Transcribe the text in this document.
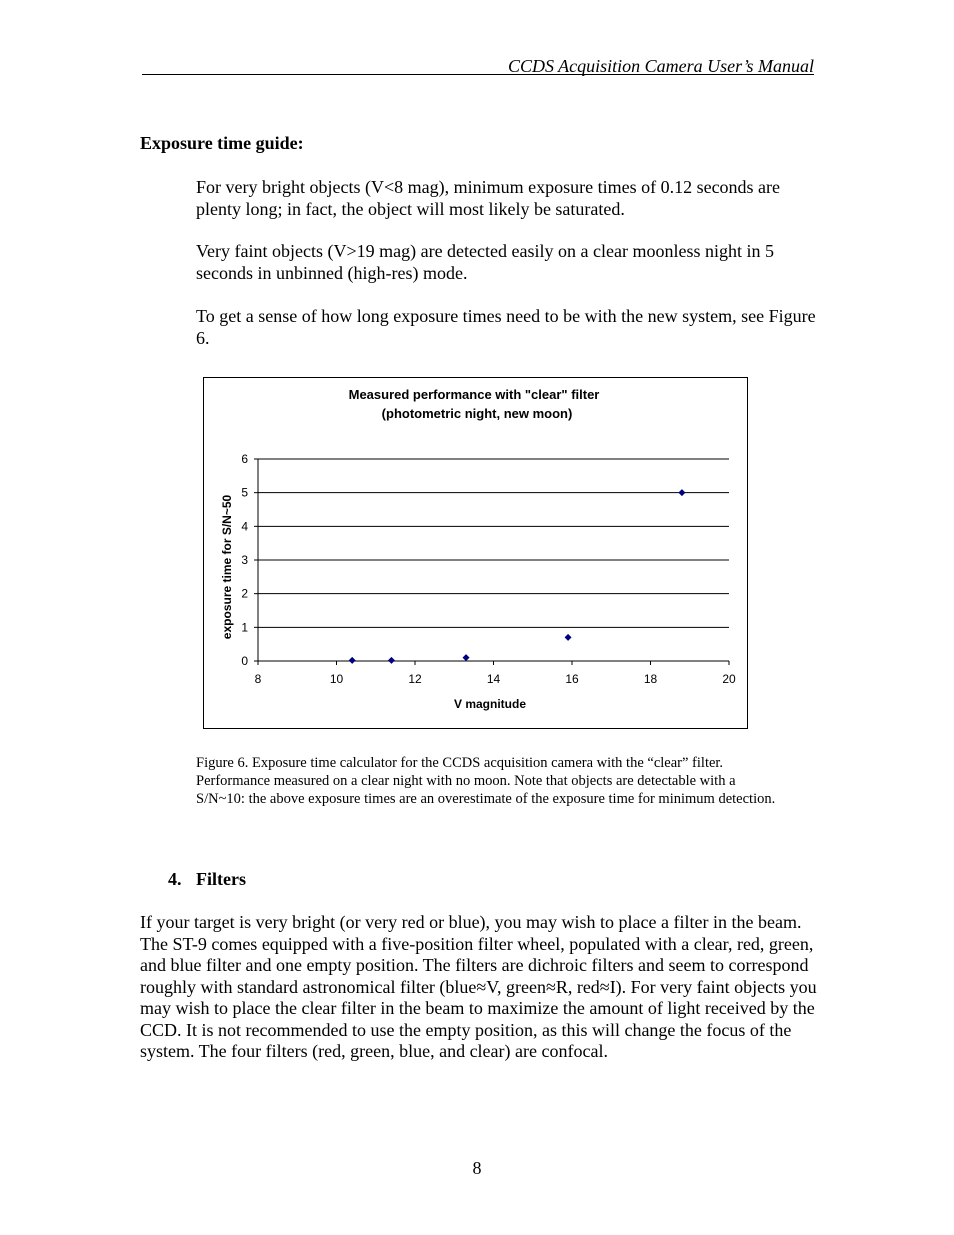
CCDS Acquisition Camera User’s Manual
Exposure time guide:
For very bright objects (V<8 mag), minimum exposure times of 0.12 seconds are plenty long; in fact, the object will most likely be saturated.
Very faint objects (V>19 mag) are detected easily on a clear moonless night in 5 seconds in unbinned (high-res) mode.
To get a sense of how long exposure times need to be with the new system, see Figure 6.
Measured performance with "clear" filter
(photometric night, new moon)
0
1
2
3
4
5
6
8	10	12	14	16	18	20
V magnitude
exposure time for S/N~50
Figure 6. Exposure time calculator for the CCDS acquisition camera with the “clear” filter. Performance measured on a clear night with no moon. Note that objects are detectable with a S/N~10: the above exposure times are an overestimate of the exposure time for minimum detection.
4. Filters
If your target is very bright (or very red or blue), you may wish to place a filter in the beam. The ST-9 comes equipped with a five-position filter wheel, populated with a clear, red, green, and blue filter and one empty position. The filters are dichroic filters and seem to correspond roughly with standard astronomical filter (blue≈V, green≈R, red≈I). For very faint objects you may wish to place the clear filter in the beam to maximize the amount of light received by the CCD. It is not recommended to use the empty position, as this will change the focus of the system. The four filters (red, green, blue, and clear) are confocal.
8
